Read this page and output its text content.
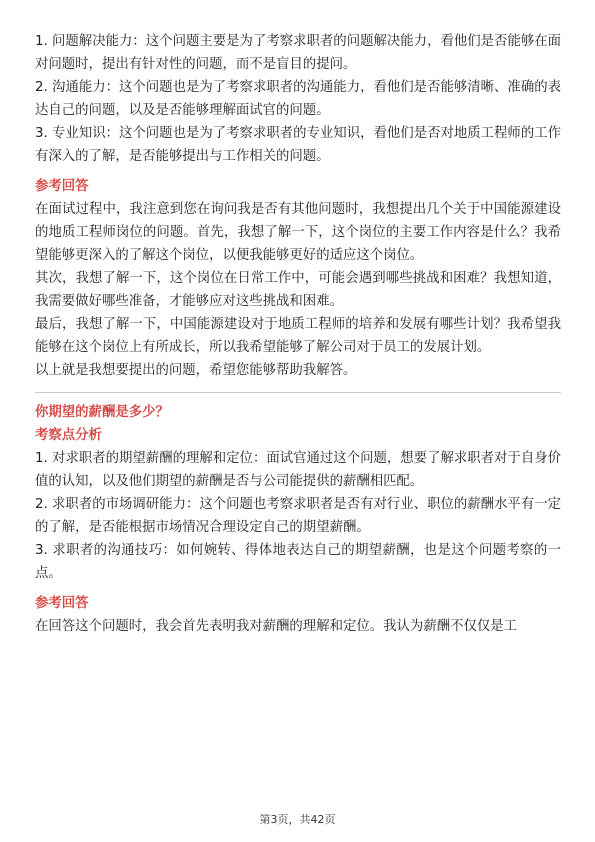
1. 问题解决能力：这个问题主要是为了考察求职者的问题解决能力，看他们是否能够在面对问题时，提出有针对性的问题，而不是盲目的提问。

2. 沟通能力：这个问题也是为了考察求职者的沟通能力，看他们是否能够清晰、准确的表达自己的问题，以及是否能够理解面试官的问题。

3. 专业知识：这个问题也是为了考察求职者的专业知识，看他们是否对地质工程师的工作有深入的了解，是否能够提出与工作相关的问题。

参考回答

在面试过程中，我注意到您在询问我是否有其他问题时，我想提出几个关于中国能源建设的地质工程师岗位的问题。首先，我想了解一下，这个岗位的主要工作内容是什么？我希望能够更深入的了解这个岗位，以便我能够更好的适应这个岗位。

其次，我想了解一下，这个岗位在日常工作中，可能会遇到哪些挑战和困难？我想知道，我需要做好哪些准备，才能够应对这些挑战和困难。

最后，我想了解一下，中国能源建设对于地质工程师的培养和发展有哪些计划？我希望我能够在这个岗位上有所成长，所以我希望能够了解公司对于员工的发展计划。

以上就是我想要提出的问题，希望您能够帮助我解答。

你期望的薪酬是多少？
考察点分析

1. 对求职者的期望薪酬的理解和定位：面试官通过这个问题，想要了解求职者对于自身价值的认知，以及他们期望的薪酬是否与公司能提供的薪酬相匹配。

2. 求职者的市场调研能力：这个问题也考察求职者是否有对行业、职位的薪酬水平有一定的了解，是否能根据市场情况合理设定自己的期望薪酬。

3. 求职者的沟通技巧：如何婉转、得体地表达自己的期望薪酬，也是这个问题考察的一点。

参考回答

在回答这个问题时，我会首先表明我对薪酬的理解和定位。我认为薪酬不仅仅是工

第3页，共42页
